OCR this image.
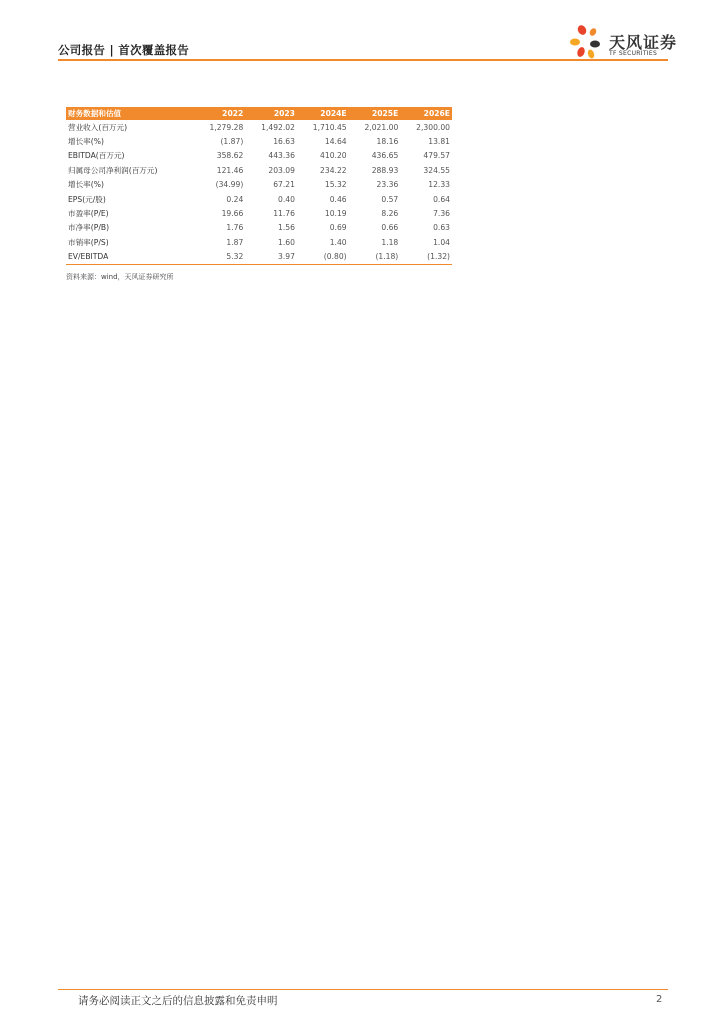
公司报告 | 首次覆盖报告	天风证券
TF SECURITIES
财务数据和估值	2022	2023	2024E	2025E	2026E
营业收入(百万元)	1,279.28	1,492.02	1,710.45	2,021.00	2,300.00
增长率(%)	(1.87)	16.63	14.64	18.16	13.81
EBITDA(百万元)	358.62	443.36	410.20	436.65	479.57
归属母公司净利润(百万元)	121.46	203.09	234.22	288.93	324.55
增长率(%)	(34.99)	67.21	15.32	23.36	12.33
EPS(元/股)	0.24	0.40	0.46	0.57	0.64
市盈率(P/E)	19.66	11.76	10.19	8.26	7.36
市净率(P/B)	1.76	1.56	0.69	0.66	0.63
市销率(P/S)	1.87	1.60	1.40	1.18	1.04
EV/EBITDA	5.32	3.97	(0.80)	(1.18)	(1.32)
资料来源：wind，天风证券研究所
请务必阅读正文之后的信息披露和免责申明	2
